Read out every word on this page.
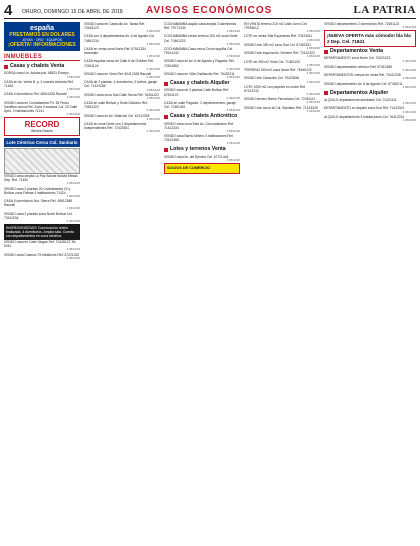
4 ORURO, DOMINGO 15 DE ABRIL DE 2018 AVISOS ECONÓMICOS	LA PATRIA
españa
PRESTAMOS EN DOLARES
JOYAS · ORO · EQUIPOS
¡OFERTA! INFORMACIONES
INMUEBLES
Casas y chalets Venta
DORSA casa Un. Autosa pat. 48531 Excepc.
4 05/16/18
CASA en Av. Venta B. p. 2 cuartos Avenida Ref. 71484
4 05/16/18
CASA 4 dormitorios Rel. 45611328 Raucell
4 05/16/18
VENDO casa en Cochabamba Ph. 35 Pedro Santillán nueva Ref. Zona 4 cuadros Col. 23 Calle Dpto. 2 habitaciones 71141
4 05/16/18
RECORD
Bienes Raíces
Lote Céntrico Cerca Col. Sanitario
VENDO casa amplia La Paz Bolivar Bolivia Mesas Dep. Ref. 71452
4 05/16/18
VENDO casa 2 plantas 20 Cochabamba 24 y Bolívar zona Fátima 4 habitaciones 71424
4 05/16/18
CASA 5 dormitorios Nor. Sierra Ref. 45612388 Raucell
4 05/16/18
VENDO casa 2 plantas zona Norte Bolívar Cel. 70411234
4 05/16/18
INVERSIONISTAS!!! Construcción recién finalizada. 4 dormitorios. Amplia sala. Cuenta con departamentos en zona céntrica.
VENDO casa en Calle Vargas Ref. 70445123 Tel. 5241
4 05/16/18
VENDO casa Cosmos 79 Miraflores Ref. 67221332
4 05/16/18
VENDO casa en Caracollo Av. Tarata Ref. 72445123
4 05/16/18
CASA con 3 departamentos Av. 6 de Agosto Col. 74561234
4 05/16/18
CASA en venta zona Norte Ref. 67512334 inmediato
4 05/16/18
CASA esquina cerca de Calle 6 de Octubre Rel. 72451124
4 05/16/18
VENDO casa en Vinto Ref. 60412328 Raucell
4 05/16/18
CASA de 2 plantas, 4 dormitorios, 2 baños, garaje. Cel. 71424185
4 05/16/18
VENDO casa zona Sud Calle Tacna Ref. 76431122
4 05/16/18
CASA en calle Bolívar y Soria Galvarro Ref. 70451223
4 05/16/18
VENDO casa en Av. Villarroel Cel. 67412335
4 05/16/18
CASA en zona Norte con 2 departamentos independientes Ref. 72423451
4 05/16/18
COCHABAMBA alquilo casa amplia 3 dormitorios Ref. 79771234
4 05/16/18
COCHABAMBA vendo terreno 200 m2 zona Norte Cel. 70461223
4 05/16/18
COCHABAMBA Casa cerca Cruce taquiña Cel. 79141242
4 05/16/18
VENDO casa en Av. 6 de Agosto y Pagador Ref. 72451882
4 05/16/18
VENDO casa en Villa Challacollo Ref. 76432211
4 05/16/18
Casas y chalets Alquiler
VENDO casa de 3 plantas Calle Bolívar Ref. 67451122
4 05/16/18
CASA en calle Pagador, 2 departamentos, garaje Cel. 72481451
4 05/16/18
Casas y chalets Anticrético
VENDO casa zona Este Av. Circunvalación Ref. 71412334
4 05/16/18
VENDO casa Barrio Minero 4 habitaciones Ref. 72412356
4 05/16/18
Lotes y terrenos Venta
VENDO casa Av. del Ejército Cel. 67721444
4 05/16/18
SOCIOS DE COMERCIO
EN VENTA terreno 210 m2 Calle Junín Cel. 79785612
4 05/16/18
LOTE en venta Villa Esperanza Ref. 70424511
4 05/16/18
VENDO lote 300 m2 zona Sud Cel. 67452231
4 05/16/18
VENDO lote esquina Av. Dehene Ref. 72412323
4 05/16/18
LOTE de 250 m2 Vinto Cel. 71452133
4 05/16/18
TERRENO 500 m2 zona Norte Ref. 76445122
4 05/16/18
VENDO lote Caracollo Cel. 70423456
4 05/16/18
LOTE 1000 m2 con papeles en orden Ref. 67412232
4 05/16/18
VENDO terreno Barrio Ferroviario Cel. 72431112
4 05/16/18
VENDO lote cerca al Col. Sanitario Ref. 71423345
4 05/16/18
VENDO departamento 2 dormitorios Ref. 72451122
4 05/16/18
¡NUEVA OFERTA más cómodo! bla bla 2 Dep. Cel. 71841
Departamentos Venta
DEPARTAMENTO zona Norte Cel. 70421223
4 05/16/18
VENDO departamento céntrico Ref. 67412355
4 05/16/18
DEPARTAMENTOS nuevos en venta Ref. 70412238
4 05/16/18
VENDO departamento Av. 6 de Agosto Cel. 67452211
4 05/16/18
Departamentos Alquiler
ALQUILO departamento amoblado Cel. 72421111
4 05/16/18
DEPARTAMENTO en alquiler zona Sud Ref. 71423321
4 05/16/18
ALQUILO departamento 3 habitaciones Cel. 76412234
4 05/16/18
